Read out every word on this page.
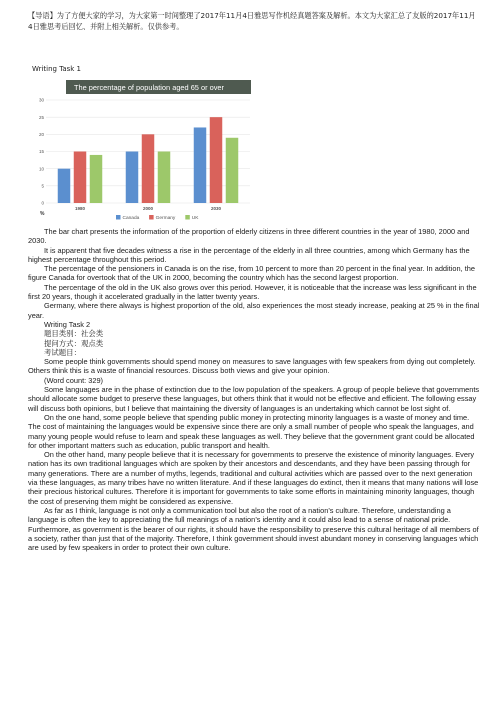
【导语】为了方便大家的学习，为大家第一时间整理了2017年11月4日雅思写作机经真题答案及解析。本文为大家汇总了友版的2017年11月4日雅思考后回忆、并附上相关解析。仅供参考。
Writing Task 1
The percentage of population aged 65 or over
0
5
10
15
20
25
30
1980	2000	2030
Canada	Germany	UK
%

The bar chart presents the information of the proportion of elderly citizens in three different countries in the year of 1980, 2000 and 2030.

It is apparent that five decades witness a rise in the percentage of the elderly in all three countries, among which Germany has the highest percentage throughout this period.

The percentage of the pensioners in Canada is on the rise, from 10 percent to more than 20 percent in the final year. In addition, the figure Canada for overtook that of the UK in 2000, becoming the country which has the second largest proportion.

The percentage of the old in the UK also grows over this period. However, it is noticeable that the increase was less significant in the first 20 years, though it accelerated gradually in the latter twenty years.

Germany, where there always is highest proportion of the old, also experiences the most steady increase, peaking at 25 % in the final year.

Writing Task 2

题目类别：社会类

提问方式：观点类

考试题目：

Some people think governments should spend money on measures to save languages with few speakers from dying out completely. Others think this is a waste of financial resources. Discuss both views and give your opinion.

(Word count: 329)

Some languages are in the phase of extinction due to the low population of the speakers. A group of people believe that governments should allocate some budget to preserve these languages, but others think that it would not be effective and efficient. The following essay will discuss both opinions, but I believe that maintaining the diversity of languages is an undertaking which cannot be lost sight of.

On the one hand, some people believe that spending public money in protecting minority languages is a waste of money and time. The cost of maintaining the languages would be expensive since there are only a small number of people who speak the languages, and many young people would refuse to learn and speak these languages as well. They believe that the government grant could be allocated for other important matters such as education, public transport and health.

On the other hand, many people believe that it is necessary for governments to preserve the existence of minority languages. Every nation has its own traditional languages which are spoken by their ancestors and descendants, and they have been passing through for many generations. There are a number of myths, legends, traditional and cultural activities which are passed over to the next generation via these languages, as many tribes have no written literature. And if these languages do extinct, then it means that many nations will lose their precious historical cultures. Therefore it is important for governments to take some efforts in maintaining minority languages, though the cost of preserving them might be considered as expensive.

As far as I think, language is not only a communication tool but also the root of a nation’s culture. Therefore, understanding a language is often the key to appreciating the full meanings of a nation’s identity and it could also lead to a sense of national pride. Furthermore, as government is the bearer of our rights, it should have the responsibility to preserve this cultural heritage of all members of a society, rather than just that of the majority. Therefore, I think government should invest abundant money in conserving languages which are used by few speakers in order to protect their own culture.
